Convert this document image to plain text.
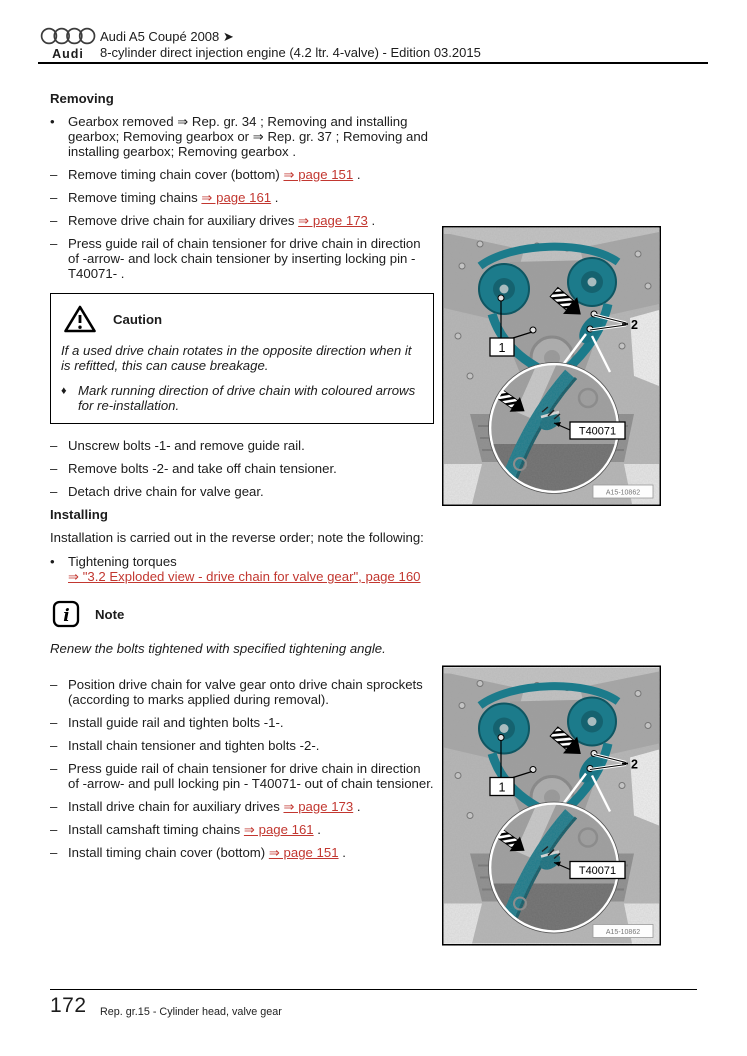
Audi
Audi A5 Coupé 2008 ➤
8-cylinder direct injection engine (4.2 ltr. 4-valve) - Edition 03.2015
Removing
•	Gearbox removed ⇒ Rep. gr. 34 ; Removing and installing gearbox; Removing gearbox or ⇒ Rep. gr. 37 ; Removing and installing gearbox; Removing gearbox .
– Remove timing chain cover (bottom) ⇒ page 151 .
– Remove timing chains ⇒ page 161 .
– Remove drive chain for auxiliary drives ⇒ page 173 .
– Press guide rail of chain tensioner for drive chain in direction of -arrow- and lock chain tensioner by inserting locking pin - T40071- .
Caution
If a used drive chain rotates in the opposite direction when it is refitted, this can cause breakage.
♦ Mark running direction of drive chain with coloured arrows for re-installation.
– Unscrew bolts -1- and remove guide rail.
– Remove bolts -2- and take off chain tensioner.
– Detach drive chain for valve gear.
Installing
Installation is carried out in the reverse order; note the following:
•	Tightening torques
⇒ "3.2 Exploded view - drive chain for valve gear", page 160
i Note
Renew the bolts tightened with specified tightening angle.
– Position drive chain for valve gear onto drive chain sprockets (according to marks applied during removal).
– Install guide rail and tighten bolts -1-.
– Install chain tensioner and tighten bolts -2-.
– Press guide rail of chain tensioner for drive chain in direction of -arrow- and pull locking pin - T40071- out of chain tensioner.
– Install drive chain for auxiliary drives ⇒ page 173 .
– Install camshaft timing chains ⇒ page 161 .
– Install timing chain cover (bottom) ⇒ page 151 .
1
2
T40071
A15-10862
1
2
T40071
A15-10862
172 Rep. gr.15 - Cylinder head, valve gear
